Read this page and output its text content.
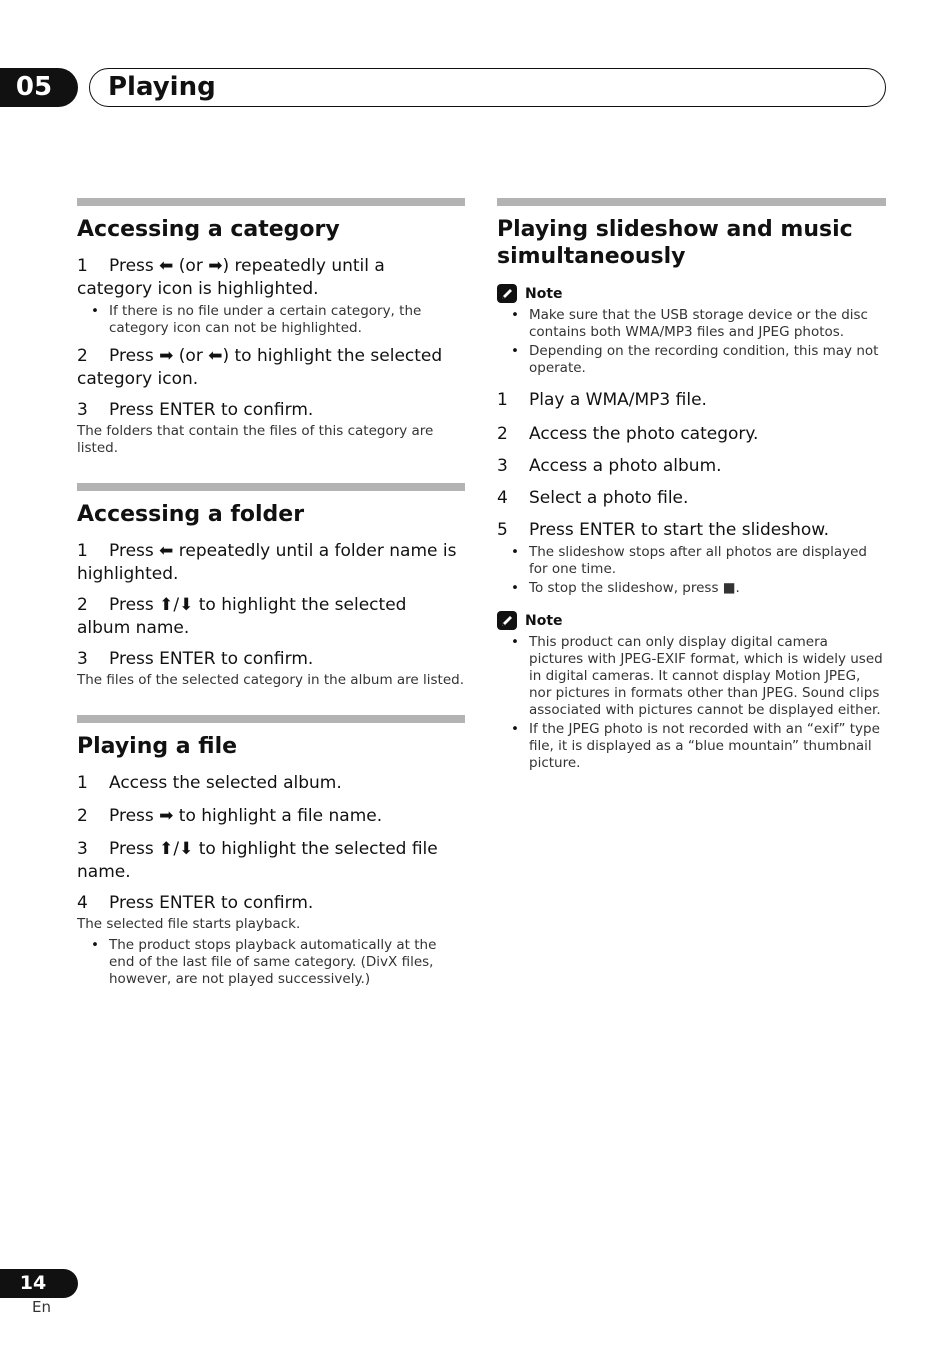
05	Playing
Accessing a category
1	Press ⬅ (or ➡) repeatedly until a category icon is highlighted.
• If there is no file under a certain category, the category icon can not be highlighted.
2	Press ➡ (or ⬅) to highlight the selected category icon.
3	Press ENTER to confirm.
The folders that contain the files of this category are listed.
Accessing a folder
1	Press ⬅ repeatedly until a folder name is highlighted.
2	Press ⬆/⬇ to highlight the selected album name.
3	Press ENTER to confirm.
The files of the selected category in the album are listed.
Playing a file
1	Access the selected album.
2	Press ➡ to highlight a file name.
3	Press ⬆/⬇ to highlight the selected file name.
4	Press ENTER to confirm.
The selected file starts playback.
• The product stops playback automatically at the end of the last file of same category. (DivX files, however, are not played successively.)
Playing slideshow and music simultaneously
Note
• Make sure that the USB storage device or the disc contains both WMA/MP3 files and JPEG photos.
• Depending on the recording condition, this may not operate.
1	Play a WMA/MP3 file.
2	Access the photo category.
3	Access a photo album.
4	Select a photo file.
5	Press ENTER to start the slideshow.
• The slideshow stops after all photos are displayed for one time.
• To stop the slideshow, press ■.
Note
• This product can only display digital camera pictures with JPEG-EXIF format, which is widely used in digital cameras. It cannot display Motion JPEG, nor pictures in formats other than JPEG. Sound clips associated with pictures cannot be displayed either.
• If the JPEG photo is not recorded with an “exif” type file, it is displayed as a “blue mountain” thumbnail picture.
14
En
